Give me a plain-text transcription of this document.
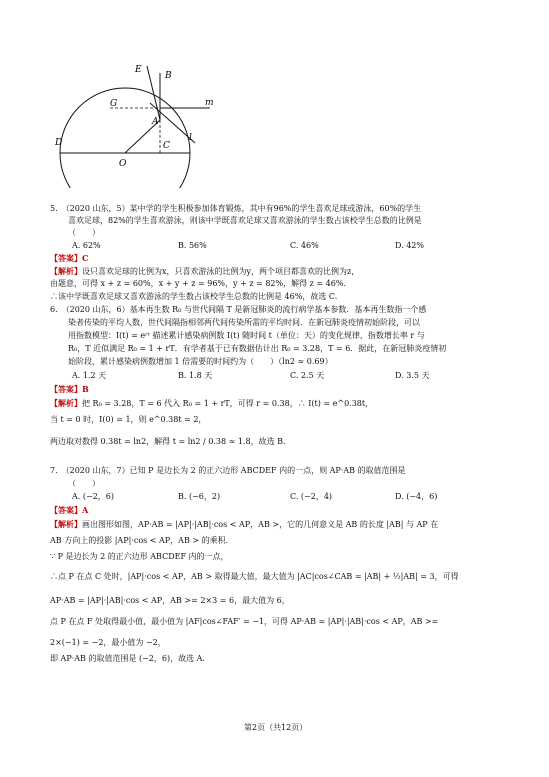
E
B
G
A
m
l
D
O
C
5.　（2020 山东，5）某中学的学生积极参加体育锻炼，其中有96%的学生喜欢足球或游泳，60%的学生
喜欢足球，82%的学生喜欢游泳，则该中学既喜欢足球又喜欢游泳的学生数占该校学生总数的比例是
（　　）
A. 62%	B. 56%	C. 46%	D. 42%
【答案】C
【解析】设只喜欢足球的比例为x，只喜欢游泳的比例为y，两个项目都喜欢的比例为z，
由题意，可得 x + z = 60%，x + y + z = 96%，y + z = 82%，解得 z = 46%．
∴该中学既喜欢足球又喜欢游泳的学生数占该校学生总数的比例是 46%，故选 C.
6.　（2020 山东，6）基本再生数 R₀ 与世代间隔 T 是新冠肺炎的流行病学基本参数．基本再生数指一个感
染者传染的平均人数，世代间隔指相邻两代间传染所需的平均时间．在新冠肺炎疫情初始阶段，可以
用指数模型：I(t) = eʳᵗ 描述累计感染病例数 I(t) 随时间 t（单位：天）的变化规律，指数增长率 r 与
R₀，T 近似满足 R₀ = 1 + rT．有学者基于已有数据估计出 R₀ = 3.28，T = 6．据此，在新冠肺炎疫情初
始阶段，累计感染病例数增加 1 倍需要的时间约为（　　）（ln2 ≈ 0.69）
A. 1.2 天	B. 1.8 天	C. 2.5 天	D. 3.5 天
【答案】B
【解析】把 R₀ = 3.28，T = 6 代入 R₀ = 1 + rT，可得 r = 0.38，∴ I(t) = e^0.38t，
当 t = 0 时，I(0) = 1，则 e^0.38t = 2，
两边取对数得 0.38t = ln2，解得 t = ln2 / 0.38 ≈ 1.8，故选 B.
7.　（2020 山东，7）已知 P 是边长为 2 的正六边形 ABCDEF 内的一点，则 AP·AB 的取值范围是
（　　）
A. (−2，6)	B. (−6，2)	C. (−2，4)	D. (−4，6)
【答案】A
【解析】画出图形如图，AP·AB = |AP|·|AB|·cos < AP，AB >，它的几何意义是 AB 的长度 |AB| 与 AP 在
AB 方向上的投影 |AP|·cos < AP，AB > 的乘积．
∵ P 是边长为 2 的正六边形 ABCDEF 内的一点，
∴点 P 在点 C 处时，|AP|·cos < AP，AB > 取得最大值，最大值为 |AC|cos∠CAB = |AB| + ½|AB| = 3，可得
AP·AB = |AP|·|AB|·cos < AP，AB >= 2×3 = 6，最大值为 6，
点 P 在点 F 处取得最小值，最小值为 |AF|cos∠FAF′ = −1，可得 AP·AB = |AP|·|AB|·cos < AP，AB >=
2×(−1) = −2，最小值为 −2，
即 AP·AB 的取值范围是 (−2，6)，故选 A.
第2页（共12页）
